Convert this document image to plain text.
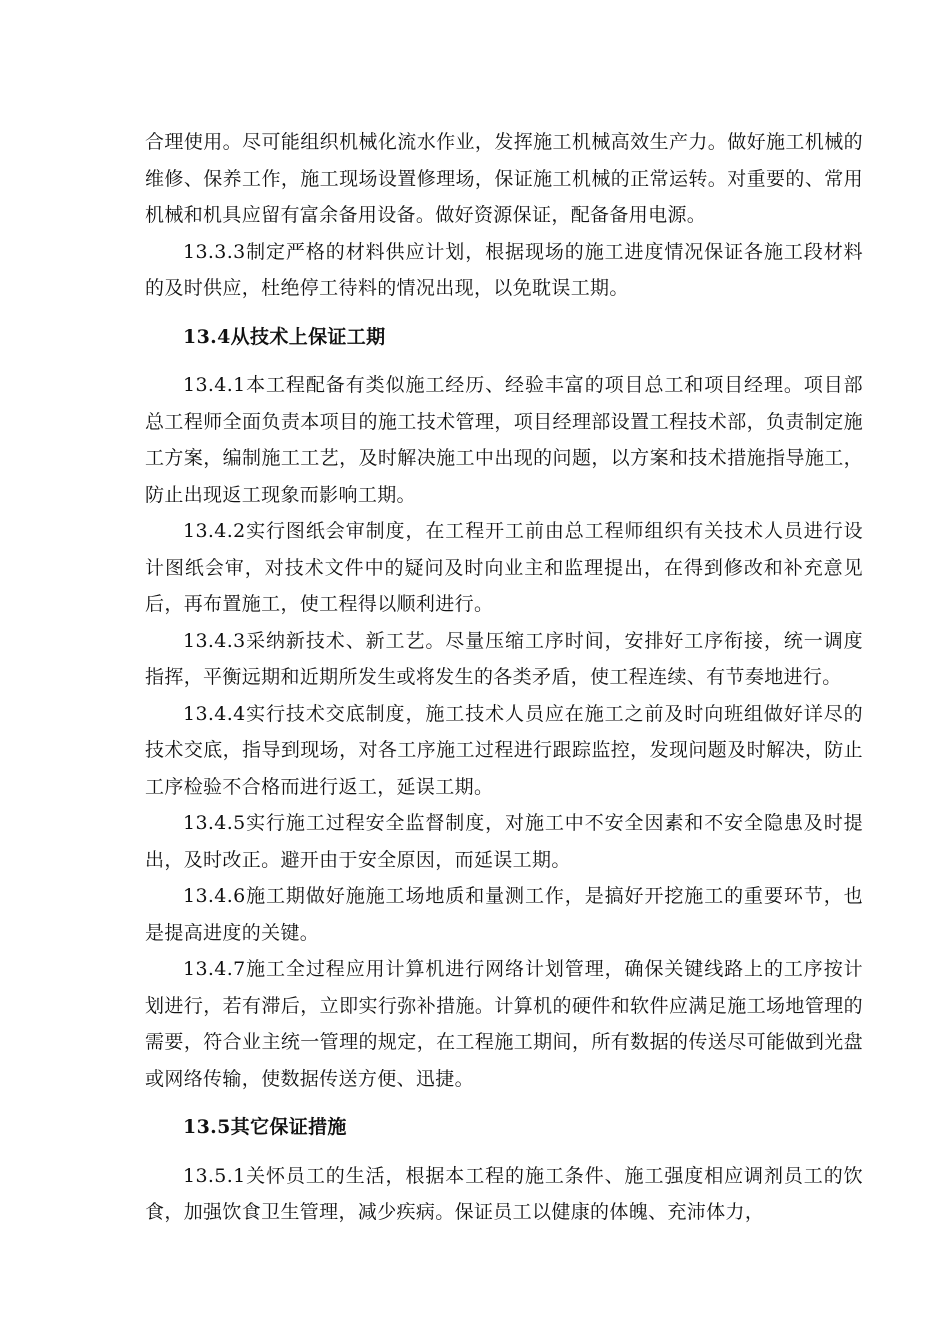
合理使用。尽可能组织机械化流水作业，发挥施工机械高效生产力。做好施工机械的维修、保养工作，施工现场设置修理场，保证施工机械的正常运转。对重要的、常用机械和机具应留有富余备用设备。做好资源保证，配备备用电源。

13.3.3制定严格的材料供应计划，根据现场的施工进度情况保证各施工段材料的及时供应，杜绝停工待料的情况出现，以免耽误工期。

13.4从技术上保证工期

13.4.1本工程配备有类似施工经历、经验丰富的项目总工和项目经理。项目部总工程师全面负责本项目的施工技术管理，项目经理部设置工程技术部，负责制定施工方案，编制施工工艺，及时解决施工中出现的问题，以方案和技术措施指导施工，防止出现返工现象而影响工期。

13.4.2实行图纸会审制度，在工程开工前由总工程师组织有关技术人员进行设计图纸会审，对技术文件中的疑问及时向业主和监理提出，在得到修改和补充意见后，再布置施工，使工程得以顺利进行。

13.4.3采纳新技术、新工艺。尽量压缩工序时间，安排好工序衔接，统一调度指挥，平衡远期和近期所发生或将发生的各类矛盾，使工程连续、有节奏地进行。

13.4.4实行技术交底制度，施工技术人员应在施工之前及时向班组做好详尽的技术交底，指导到现场，对各工序施工过程进行跟踪监控，发现问题及时解决，防止工序检验不合格而进行返工，延误工期。

13.4.5实行施工过程安全监督制度，对施工中不安全因素和不安全隐患及时提出，及时改正。避开由于安全原因，而延误工期。

13.4.6施工期做好施施工场地质和量测工作，是搞好开挖施工的重要环节，也是提高进度的关键。

13.4.7施工全过程应用计算机进行网络计划管理，确保关键线路上的工序按计划进行，若有滞后，立即实行弥补措施。计算机的硬件和软件应满足施工场地管理的需要，符合业主统一管理的规定，在工程施工期间，所有数据的传送尽可能做到光盘或网络传输，使数据传送方便、迅捷。

13.5其它保证措施

13.5.1关怀员工的生活，根据本工程的施工条件、施工强度相应调剂员工的饮食，加强饮食卫生管理，减少疾病。保证员工以健康的体魄、充沛体力，
